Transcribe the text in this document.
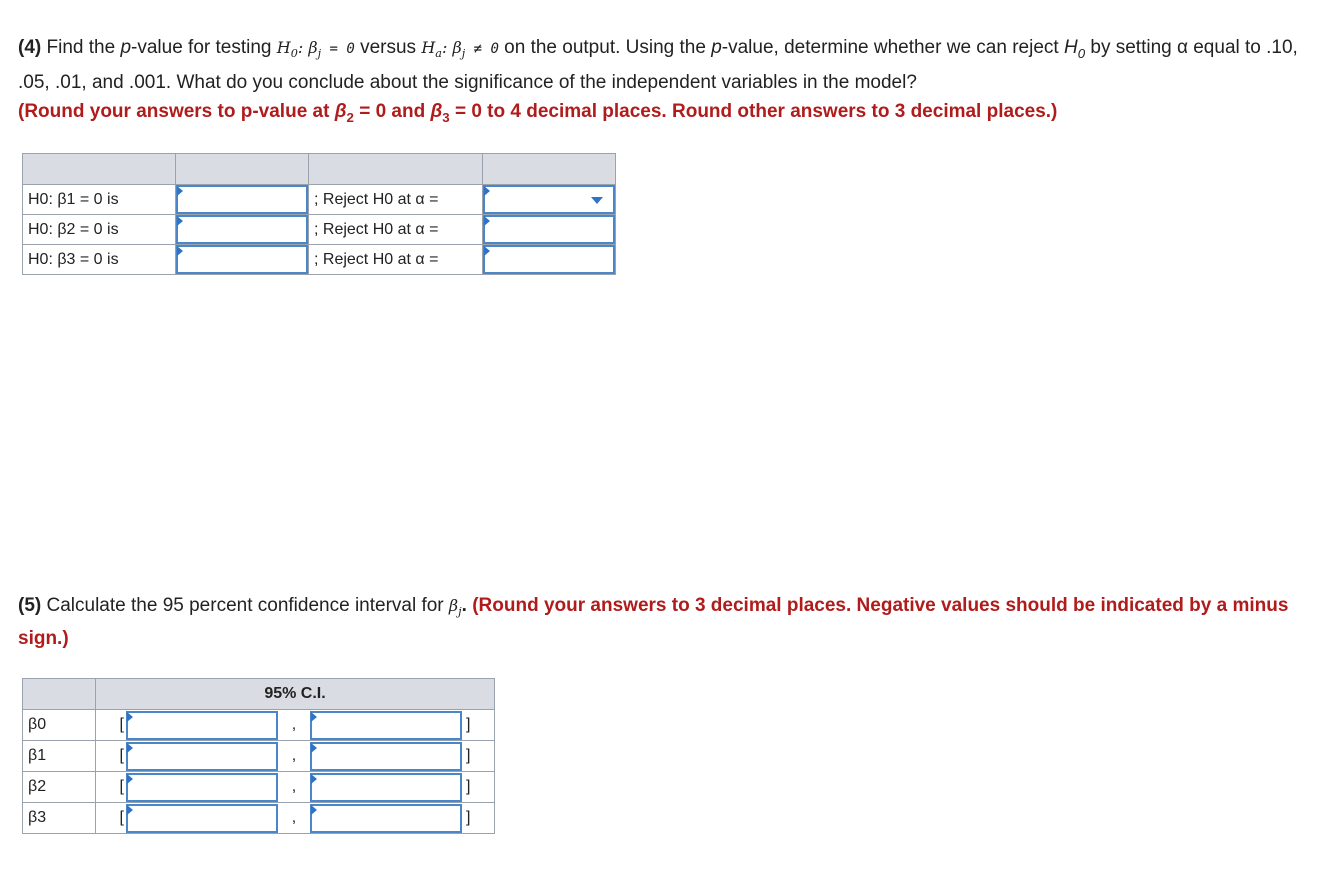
(4) Find the p-value for testing $H_0$: $\beta_j = 0$ versus $H_a$: $\beta_j \ne 0$ on the output. Using the p-value, determine whether we can reject $H_0$ by setting α equal to .10, .05, .01, and .001. What do you conclude about the significance of the independent variables in the model?
(Round your answers to p-value at $\beta_2 = 0$ and $\beta_3 = 0$ to 4 decimal places. Round other answers to 3 decimal places.)

H0: β1 = 0 is		; Reject H0 at α =	

H0: β2 = 0 is		; Reject H0 at α =	

H0: β3 = 0 is		; Reject H0 at α =	
(5) Calculate the 95 percent confidence interval for $\beta_j$. (Round your answers to 3 decimal places. Negative values should be indicated by a minus sign.)
	95% C.I.				
β0	[		,		]
β1	[		,		]
β2	[		,		]
β3	[		,		]
